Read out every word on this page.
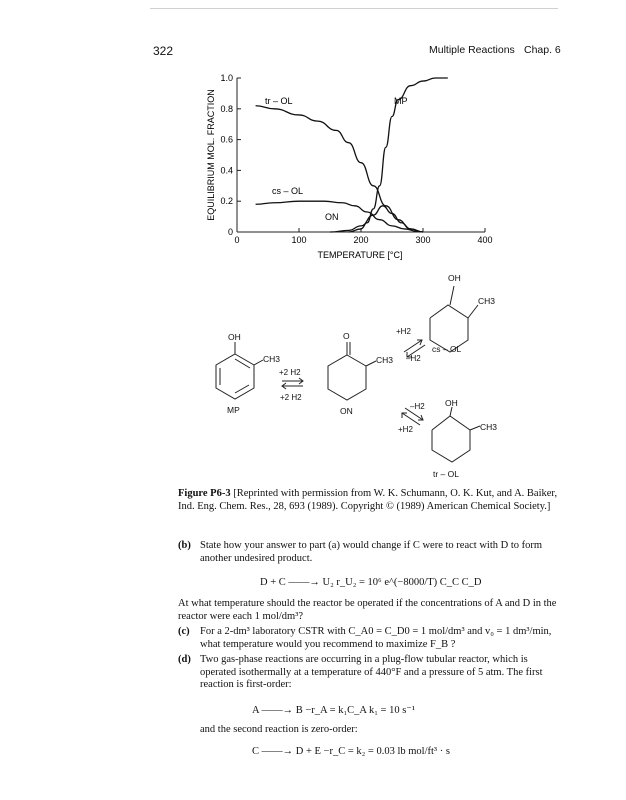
322	Multiple Reactions Chap. 6
0	100	200	300	400
0
0.2
0.4
0.6
0.8
1.0
EQUILIBRIUM MOL. FRACTION
TEMPERATURE [°C]
tr – OL	MP
cs – OL
ON
OH
CH3
MP
+2 H2
+2 H2
O
CH3
ON
+H2
–H2
–H2
+H2
OH
CH3
cs – OL
OH
CH3
tr – OL
Figure P6-3 [Reprinted with permission from W. K. Schumann, O. K. Kut, and A. Baiker, Ind. Eng. Chem. Res., 28, 693 (1989). Copyright © (1989) American Chemical Society.]
(b) State how your answer to part (a) would change if C were to react with D to form another undesired product.
D + C ——→ U₂ r_U₂ = 10⁶ e^(−8000/T) C_C C_D
At what temperature should the reactor be operated if the concentrations of A and D in the reactor were each 1 mol/dm³?
(c) For a 2-dm³ laboratory CSTR with C_A0 = C_D0 = 1 mol/dm³ and v₀ = 1 dm³/min, what temperature would you recommend to maximize F_B ?
(d) Two gas-phase reactions are occurring in a plug-flow tubular reactor, which is operated isothermally at a temperature of 440°F and a pressure of 5 atm. The first reaction is first-order:
A ——→ B −r_A = k₁C_A k₁ = 10 s⁻¹
and the second reaction is zero-order:
C ——→ D + E −r_C = k₂ = 0.03 lb mol/ft³ · s
